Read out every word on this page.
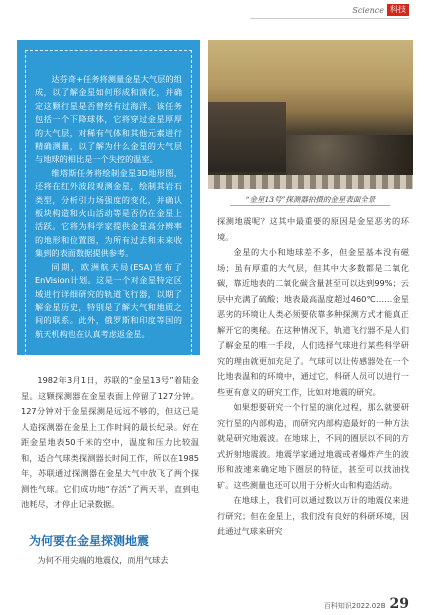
Science 科技

达芬奇+任务将测量金星大气层的组成，以了解金星如何形成和演化，并确定这颗行星是否曾经有过海洋。该任务包括一个下降球体，它将穿过金星厚厚的大气层，对稀有气体和其他元素进行精确测量，以了解为什么金星的大气层与地球的相比是一个失控的温室。

维塔斯任务将绘制金星3D地形图，还将在红外波段观测金星，绘制其岩石类型，分析引力场强度的变化，并确认板块构造和火山活动等是否仍在金星上活跃。它将为科学家提供金星高分辨率的地形和位置图，为所有过去和未来收集到的表面数据提供参考。

同期，欧洲航天局(ESA)宣布了EnVision计划。这是一个对金星特定区域进行详细研究的轨道飞行器，以期了解金星历史，特别是了解大气和地质之间的联系。此外，俄罗斯和印度等国的航天机构也在认真考虑返金星。

“金星13号”探测器拍摄的金星表面全景

1982年3月1日，苏联的“金星13号”着陆金星。这颗探测器在金星表面上停留了127分钟。127分钟对于金星探测是远远不够的，但这已是人造探测器在金星上工作时间的最长纪录。好在距金星地表50千米的空中，温度和压力比较温和，适合气球类探测器长时间工作，所以在1985年，苏联通过探测器在金星大气中放飞了两个探测性气球。它们成功地“存活”了两天半，直到电池耗尽，才停止记录数据。

为何要在金星探测地震

为何不用尖端的地震仪，而用气球去

探测地震呢？这其中最重要的原因是金星恶劣的环境。

金星的大小和地球差不多，但金星基本没有磁场；虽有厚重的大气层，但其中大多数都是二氧化碳，靠近地表的二氧化碳含量甚至可以达到99%；云层中充满了硫酸；地表最高温度超过460℃……金星恶劣的环境让人类必须要依靠多种探测方式才能真正解开它的奥秘。在这种情况下，轨道飞行器不是人们了解金星的唯一手段，人们选择气球进行某些科学研究的理由就更加充足了。气球可以让传感器处在一个比地表温和的环境中，通过它，科研人员可以进行一些更有意义的研究工作，比如对地震的研究。

如果想要研究一个行星的演化过程，那么就要研究行星的内部构造，而研究内部构造最好的一种方法就是研究地震波。在地球上，不同的圈层以不同的方式折射地震波。地震学家通过地震或者爆炸产生的波形和波速来确定地下圈层的特征，甚至可以找油找矿。这些测量也还可以用于分析火山和构造活动。

在地球上，我们可以通过数以万计的地震仪来进行研究；但在金星上，我们没有良好的科研环境，因此通过气球来研究

百科知识2022.02B 29
